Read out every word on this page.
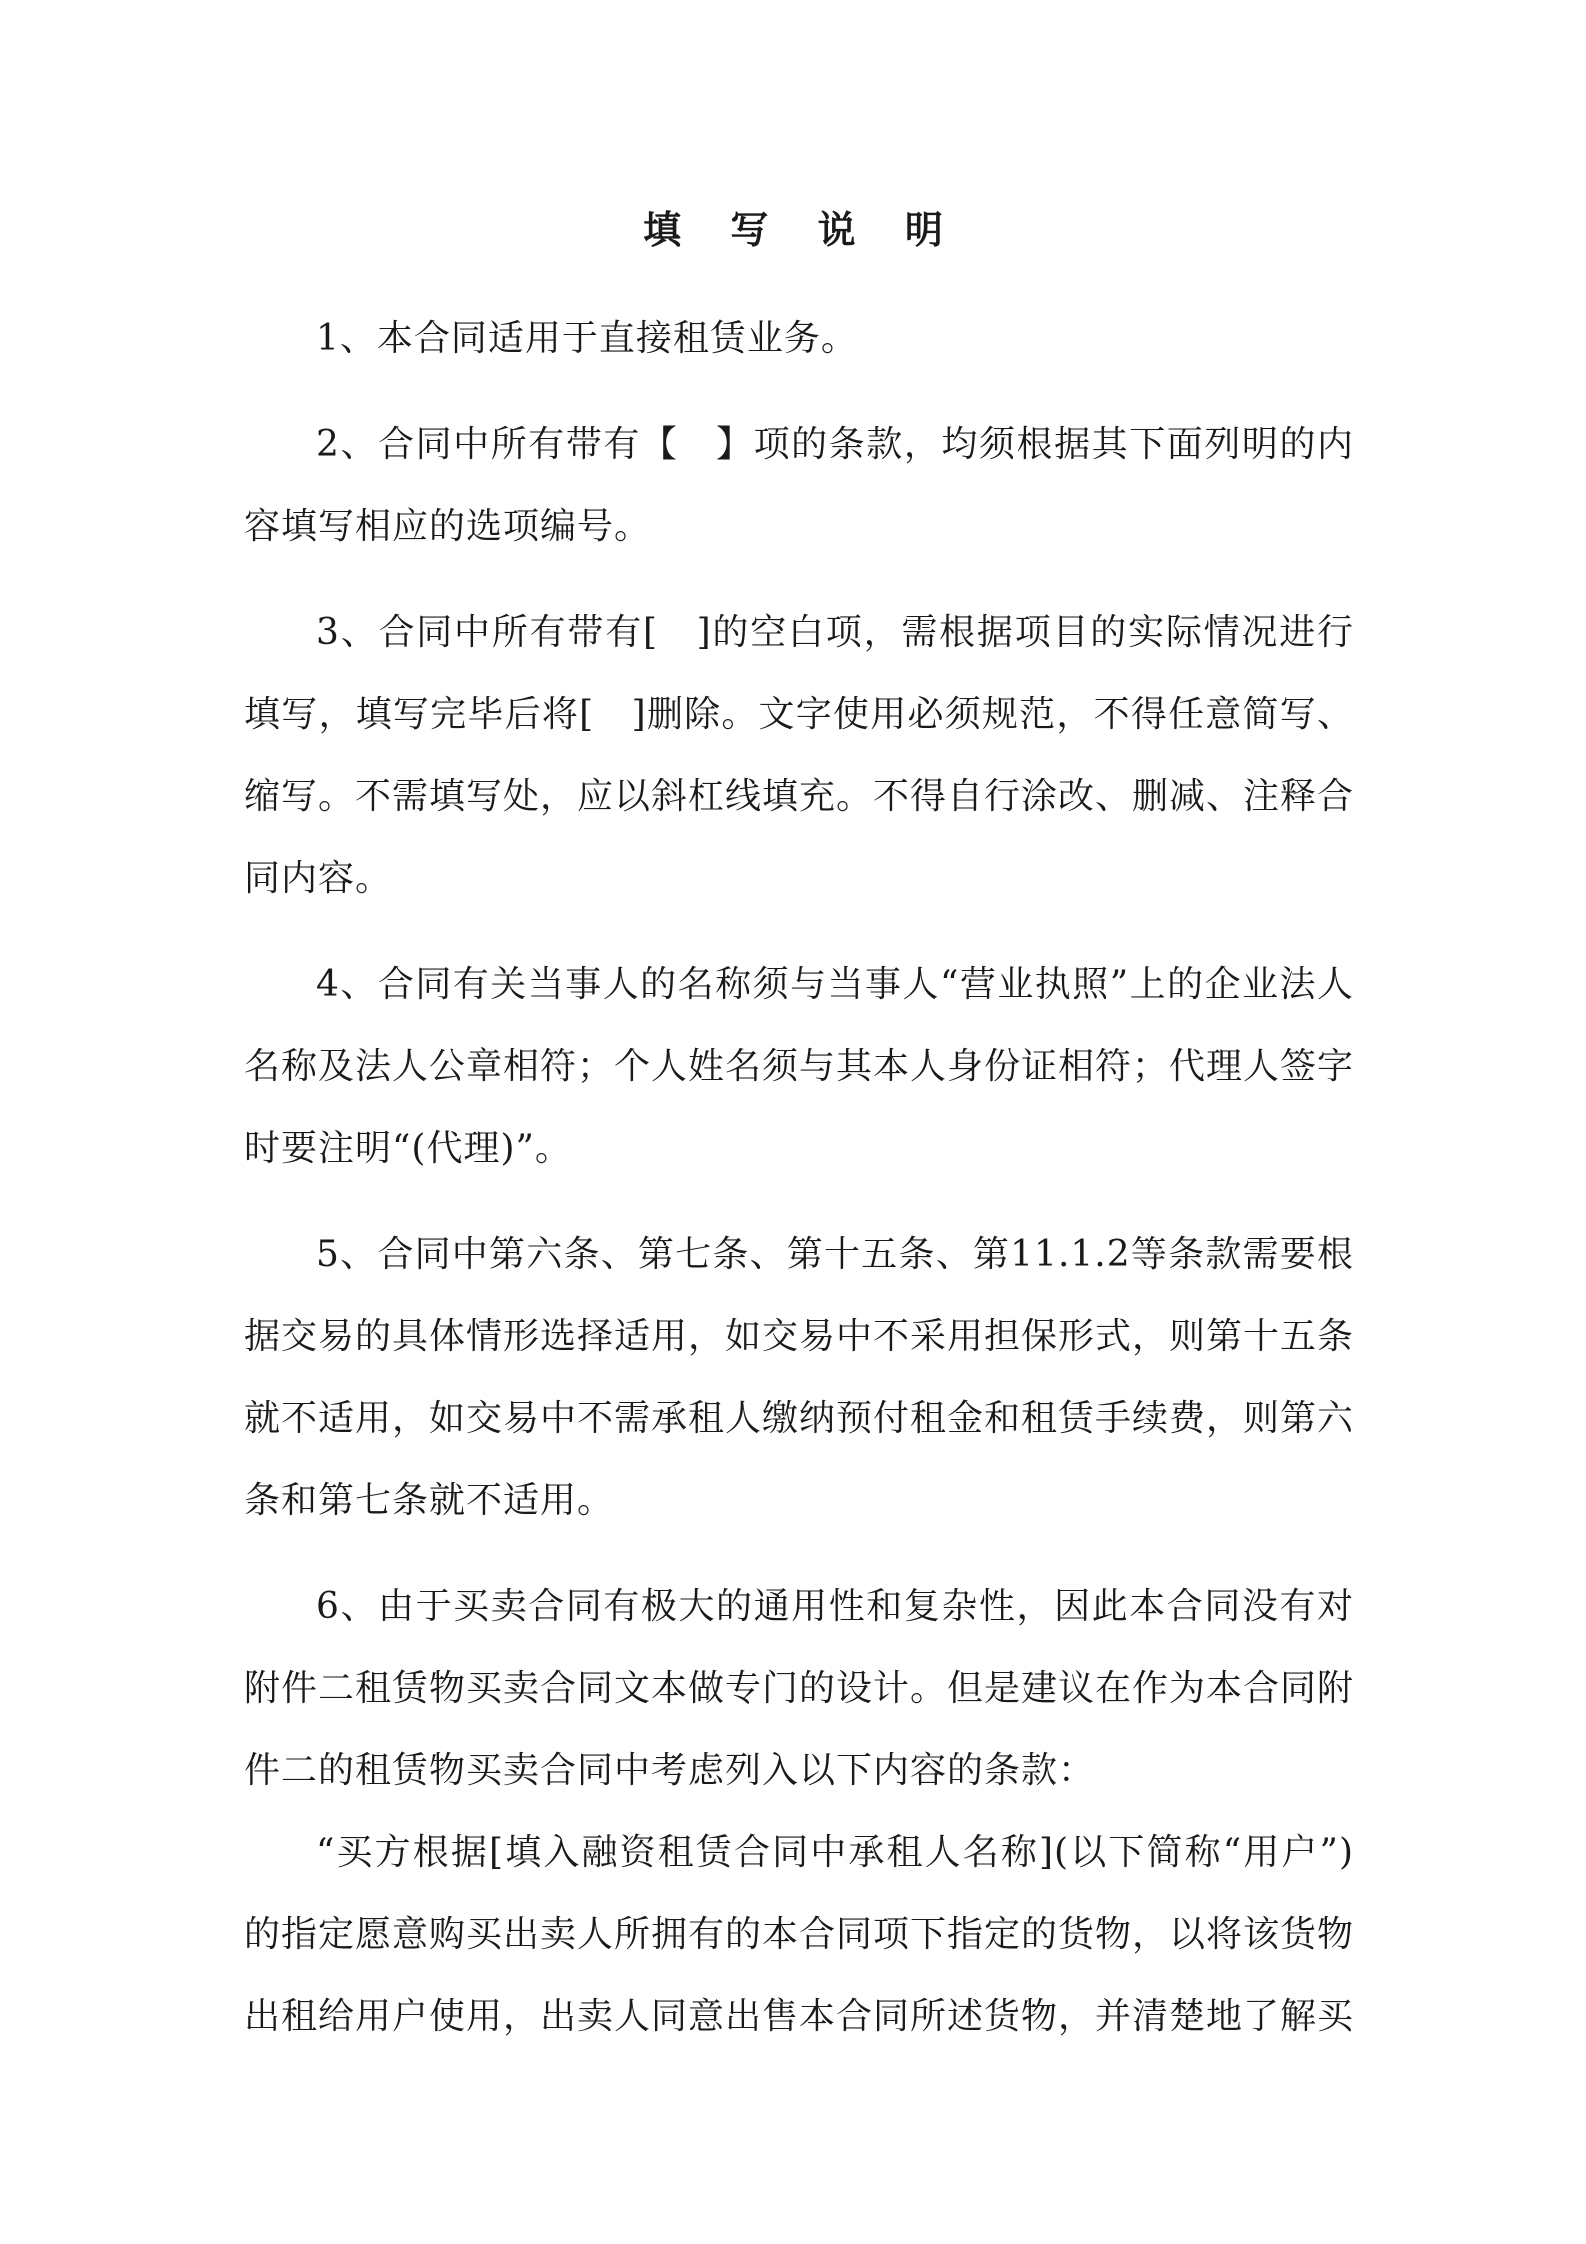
填 写 说 明

1、本合同适用于直接租赁业务。

2、合同中所有带有【　】项的条款，均须根据其下面列明的内容填写相应的选项编号。

3、合同中所有带有[　]的空白项，需根据项目的实际情况进行填写，填写完毕后将[　]删除。文字使用必须规范，不得任意简写、缩写。不需填写处，应以斜杠线填充。不得自行涂改、删减、注释合同内容。

4、合同有关当事人的名称须与当事人“营业执照”上的企业法人名称及法人公章相符；个人姓名须与其本人身份证相符；代理人签字时要注明“(代理)”。

5、合同中第六条、第七条、第十五条、第11.1.2等条款需要根据交易的具体情形选择适用，如交易中不采用担保形式，则第十五条就不适用，如交易中不需承租人缴纳预付租金和租赁手续费，则第六条和第七条就不适用。

6、由于买卖合同有极大的通用性和复杂性，因此本合同没有对附件二租赁物买卖合同文本做专门的设计。但是建议在作为本合同附件二的租赁物买卖合同中考虑列入以下内容的条款：

“买方根据[填入融资租赁合同中承租人名称](以下简称“用户”)的指定愿意购买出卖人所拥有的本合同项下指定的货物，以将该货物出租给用户使用，出卖人同意出售本合同所述货物，并清楚地了解买
